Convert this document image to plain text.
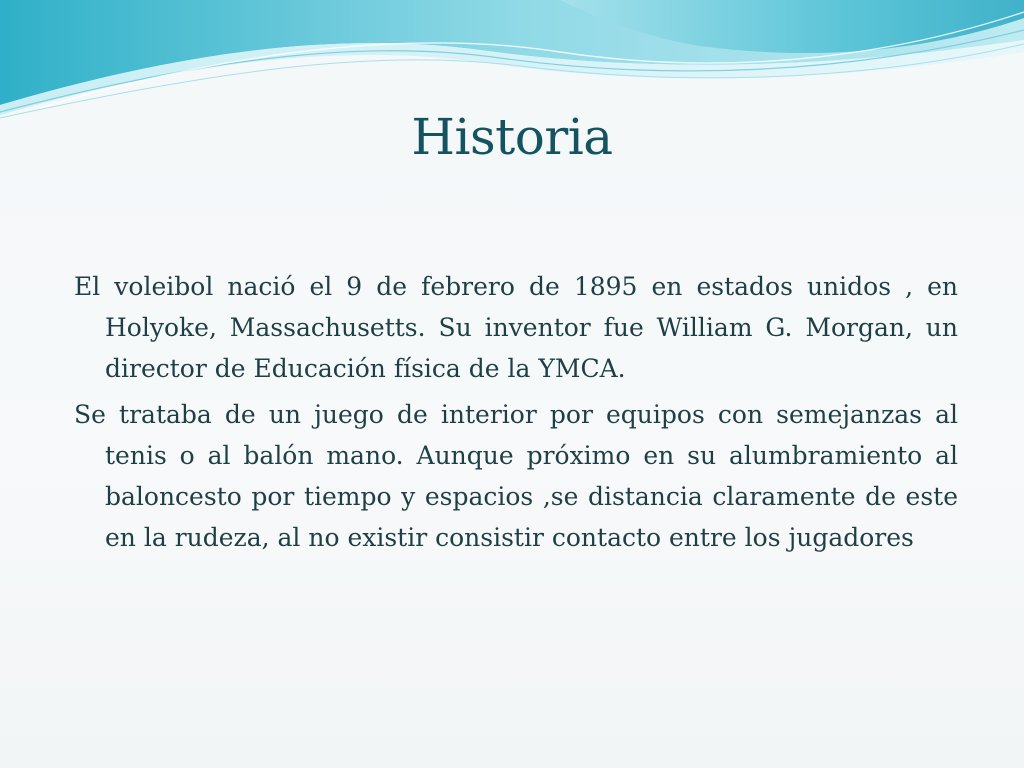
Historia

El voleibol nació el 9 de febrero de 1895 en estados unidos , en Holyoke, Massachusetts. Su inventor fue William G. Morgan, un director de Educación física de la YMCA.

Se trataba de un juego de interior por equipos con semejanzas al tenis o al balón mano. Aunque próximo en su alumbramiento al baloncesto por tiempo y espacios ,se distancia claramente de este en la rudeza, al no existir consistir contacto entre los jugadores
